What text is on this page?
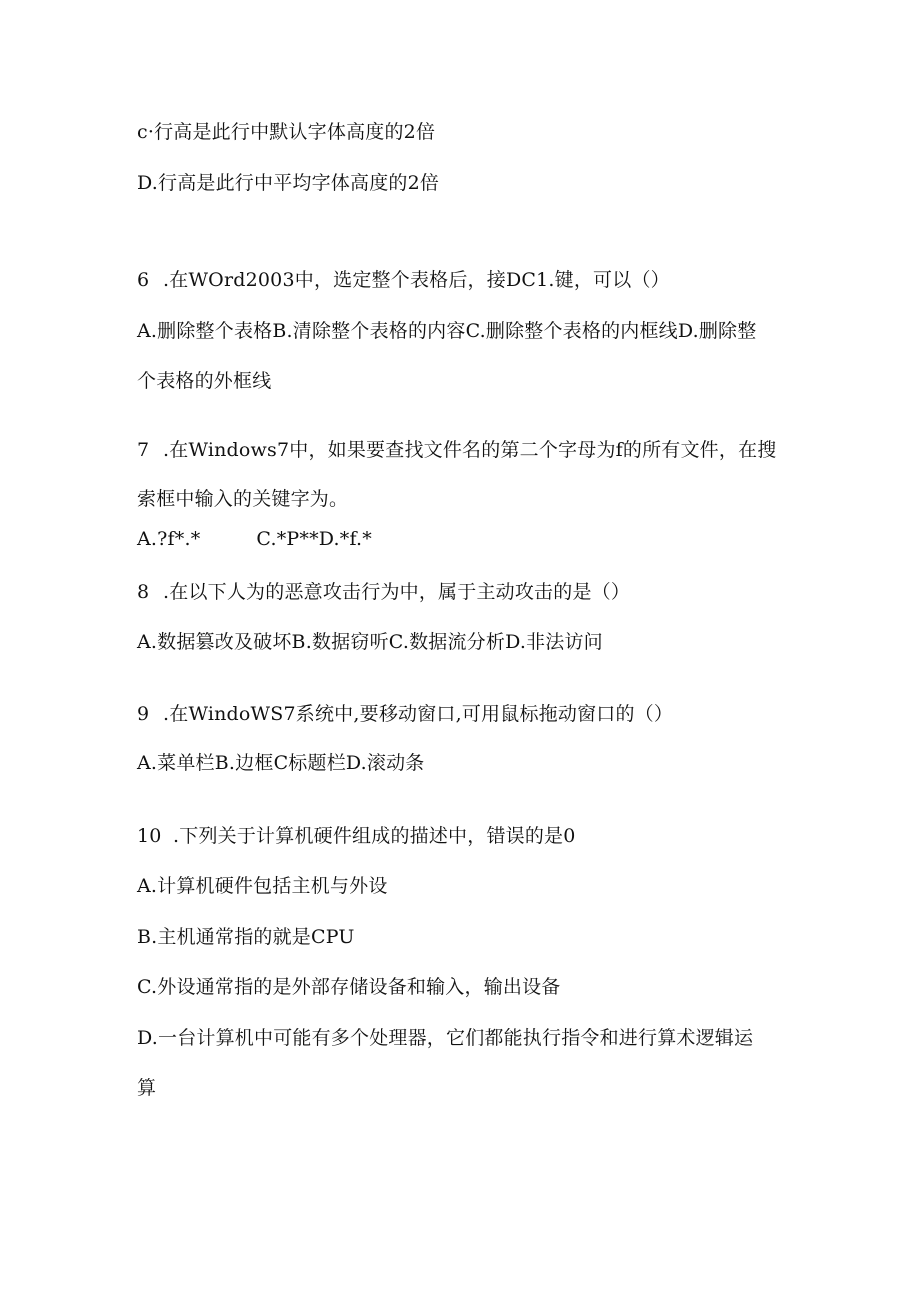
c·行高是此行中默认字体高度的2倍
D.行高是此行中平均字体高度的2倍
6 .在WOrd2003中，选定整个表格后，接DC1.键，可以（）
A.删除整个表格B.清除整个表格的内容C.删除整个表格的内框线D.删除整
个表格的外框线
7 .在Windows7中，如果要查找文件名的第二个字母为f的所有文件，在搜
索框中输入的关键字为。
A.?f*.*	C.*P**D.*f.*
8 .在以下人为的恶意攻击行为中，属于主动攻击的是（）
A.数据篡改及破坏B.数据窃听C.数据流分析D.非法访问
9 .在WindoWS7系统中,要移动窗口,可用鼠标拖动窗口的（）
A.菜单栏B.边框C标题栏D.滚动条
10 .下列关于计算机硬件组成的描述中，错误的是0
A.计算机硬件包括主机与外设
B.主机通常指的就是CPU
C.外设通常指的是外部存储设备和输入，输出设备
D.一台计算机中可能有多个处理器，它们都能执行指令和进行算术逻辑运
算
